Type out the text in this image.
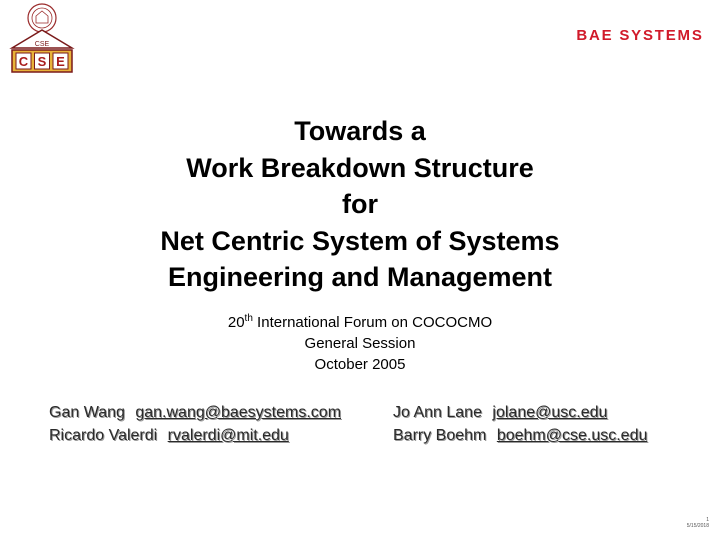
CSE
C S E
BAE SYSTEMS
Towards a
Work Breakdown Structure
for
Net Centric System of Systems
Engineering and Management
20th International Forum on COCOCMO
General Session
October 2005
Gan Wang gan.wang@baesystems.com
Ricardo Valerdi rvalerdi@mit.edu
Jo Ann Lane jolane@usc.edu
Barry Boehm boehm@cse.usc.edu
1
5/15/2018
